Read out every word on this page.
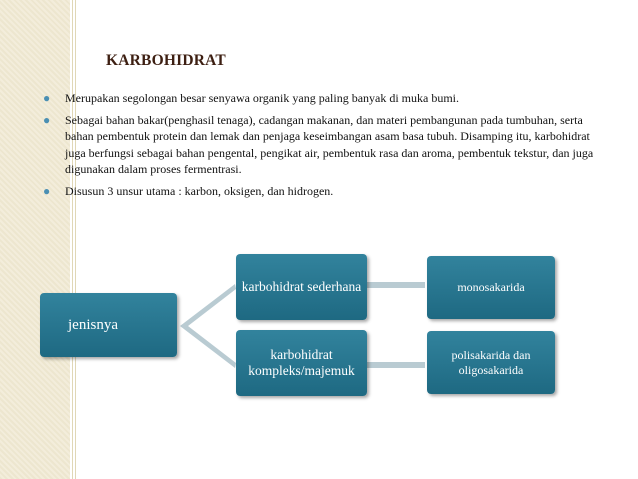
KARBOHIDRAT
● Merupakan segolongan besar senyawa organik yang paling banyak di muka bumi.
● Sebagai bahan bakar(penghasil tenaga), cadangan makanan, dan materi pembangunan pada tumbuhan, serta bahan pembentuk protein dan lemak dan penjaga keseimbangan asam basa tubuh. Disamping itu, karbohidrat juga berfungsi sebagai bahan pengental, pengikat air, pembentuk rasa dan aroma, pembentuk tekstur, dan juga digunakan dalam proses fermentrasi.
● Disusun 3 unsur utama : karbon, oksigen, dan hidrogen.
jenisnya
karbohidrat sederhana
karbohidrat kompleks/majemuk
monosakarida
polisakarida dan oligosakarida
